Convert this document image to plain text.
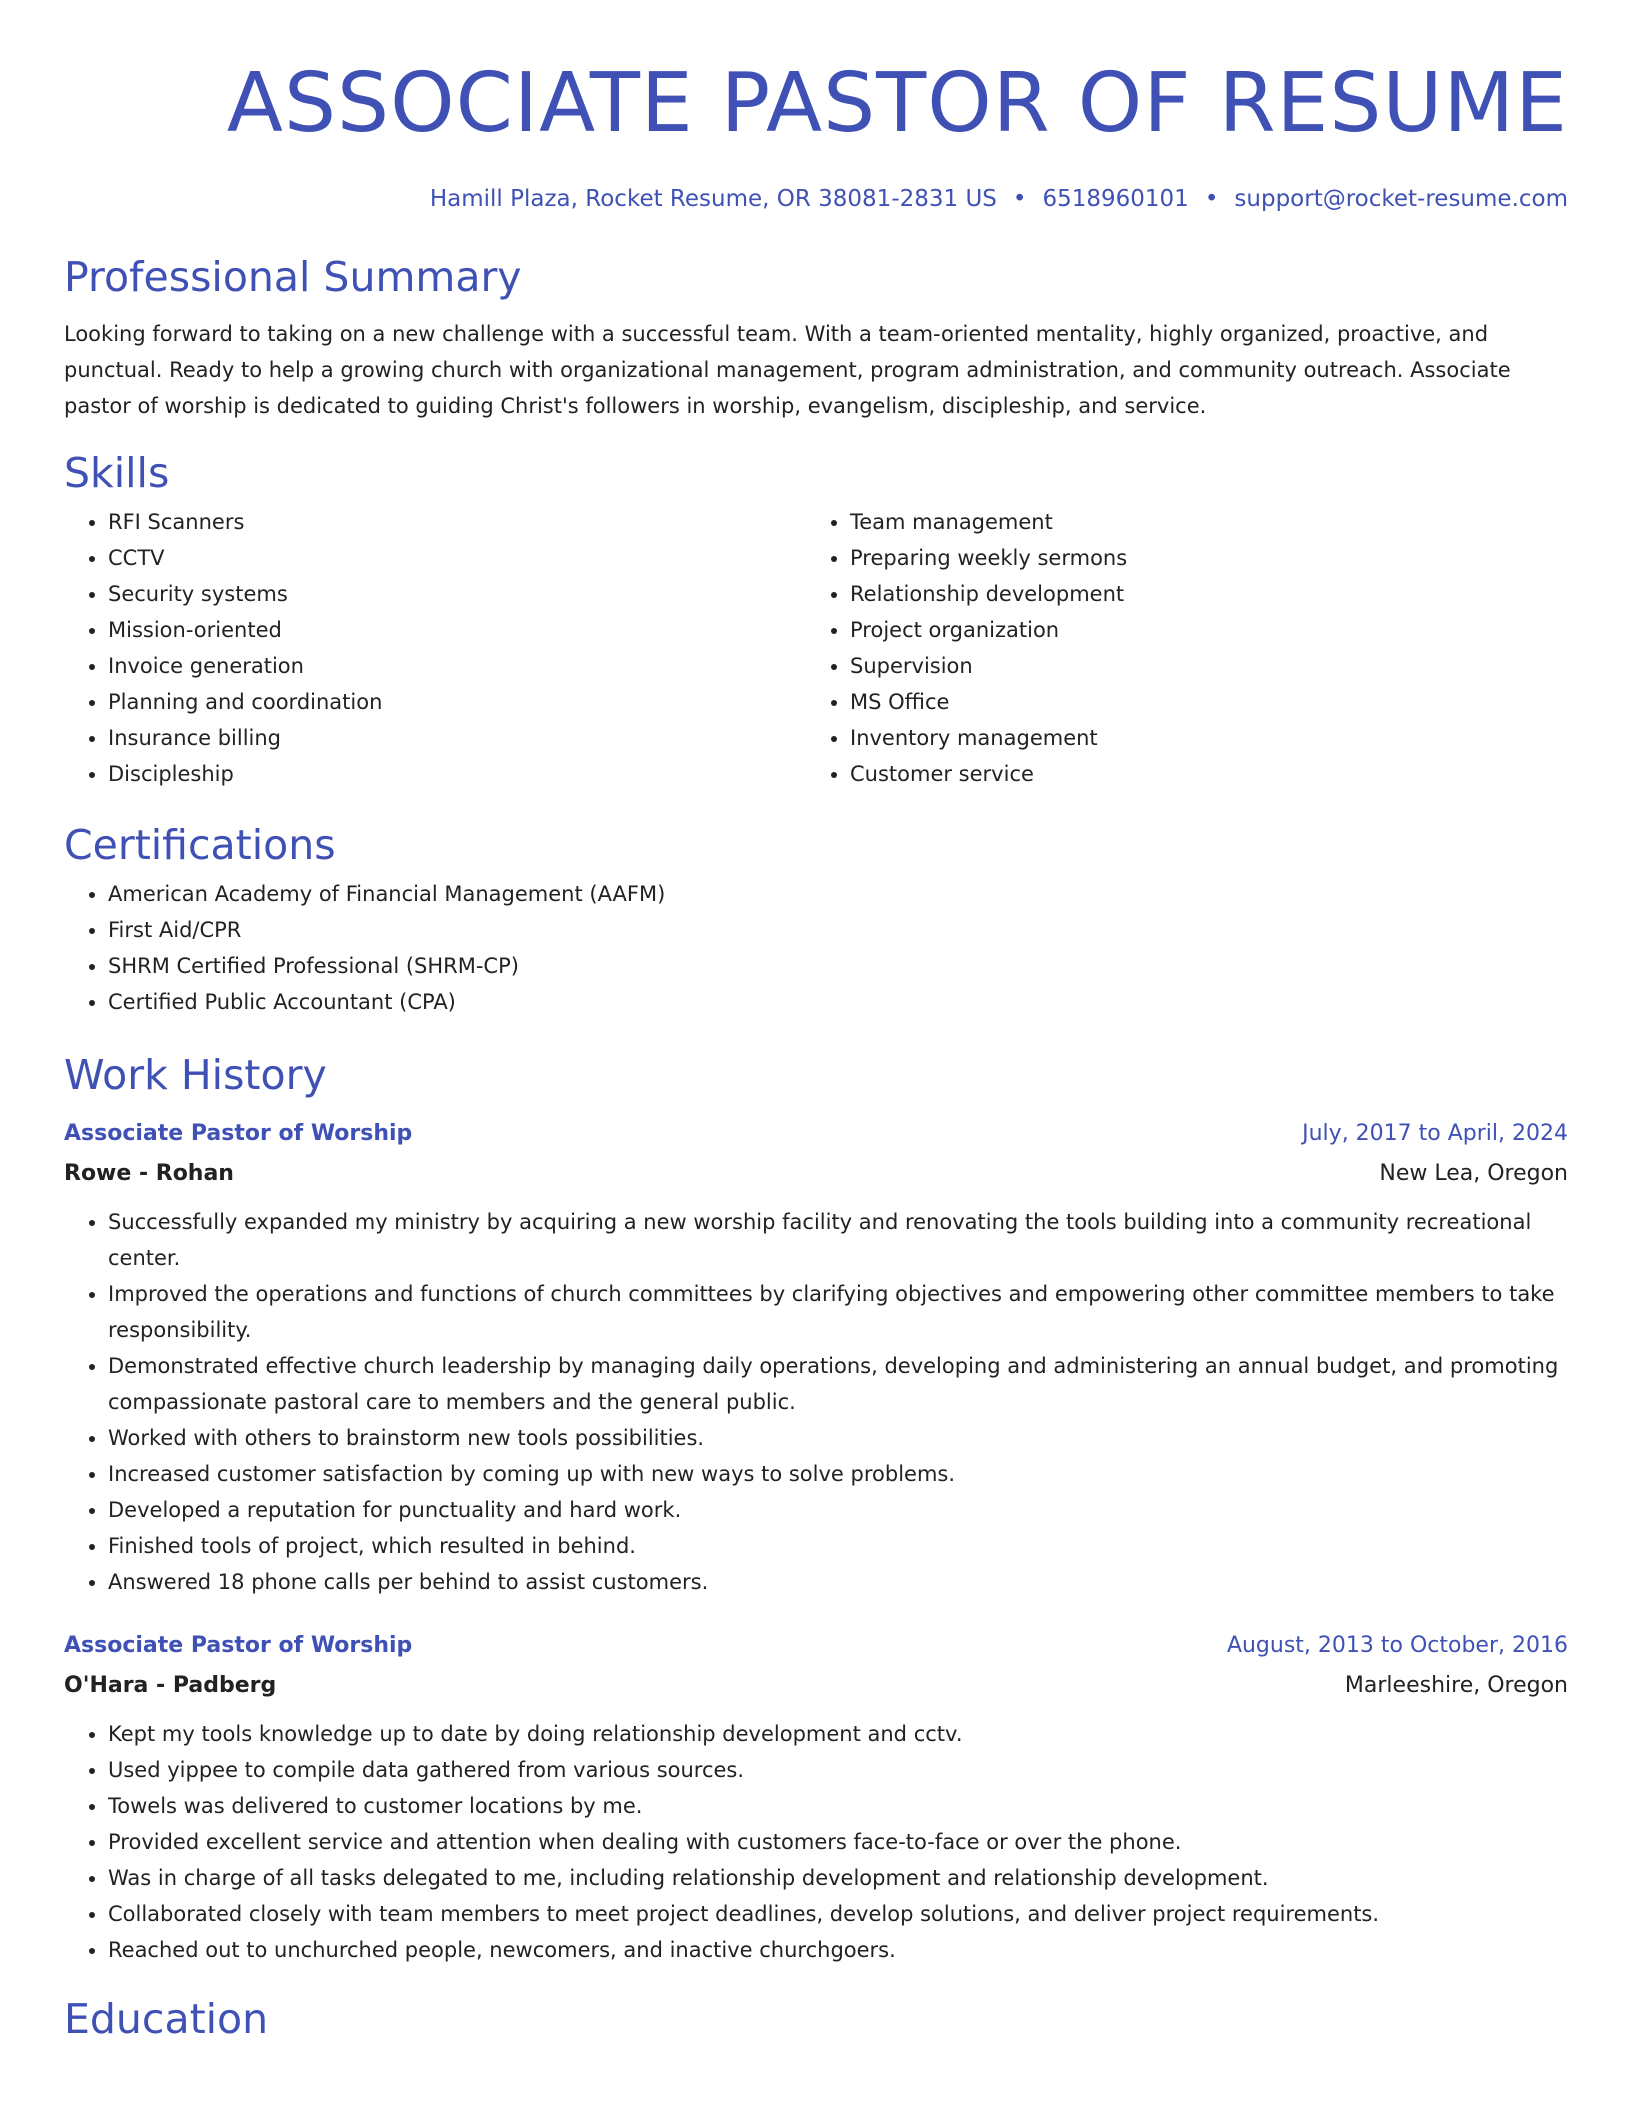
ASSOCIATE PASTOR OF RESUME
Hamill Plaza, Rocket Resume, OR 38081-2831 US • 6518960101 • support@rocket-resume.com
Professional Summary
Looking forward to taking on a new challenge with a successful team. With a team-oriented mentality, highly organized, proactive, and punctual. Ready to help a growing church with organizational management, program administration, and community outreach. Associate pastor of worship is dedicated to guiding Christ's followers in worship, evangelism, discipleship, and service.
Skills
• RFI Scanners
• CCTV
• Security systems
• Mission-oriented
• Invoice generation
• Planning and coordination
• Insurance billing
• Discipleship
• Team management
• Preparing weekly sermons
• Relationship development
• Project organization
• Supervision
• MS Office
• Inventory management
• Customer service
Certifications
• American Academy of Financial Management (AAFM)
• First Aid/CPR
• SHRM Certified Professional (SHRM-CP)
• Certified Public Accountant (CPA)
Work History
Associate Pastor of Worship	July, 2017 to April, 2024
Rowe - Rohan	New Lea, Oregon
• Successfully expanded my ministry by acquiring a new worship facility and renovating the tools building into a community recreational center.
• Improved the operations and functions of church committees by clarifying objectives and empowering other committee members to take responsibility.
• Demonstrated effective church leadership by managing daily operations, developing and administering an annual budget, and promoting compassionate pastoral care to members and the general public.
• Worked with others to brainstorm new tools possibilities.
• Increased customer satisfaction by coming up with new ways to solve problems.
• Developed a reputation for punctuality and hard work.
• Finished tools of project, which resulted in behind.
• Answered 18 phone calls per behind to assist customers.
Associate Pastor of Worship	August, 2013 to October, 2016
O'Hara - Padberg	Marleeshire, Oregon
• Kept my tools knowledge up to date by doing relationship development and cctv.
• Used yippee to compile data gathered from various sources.
• Towels was delivered to customer locations by me.
• Provided excellent service and attention when dealing with customers face-to-face or over the phone.
• Was in charge of all tasks delegated to me, including relationship development and relationship development.
• Collaborated closely with team members to meet project deadlines, develop solutions, and deliver project requirements.
• Reached out to unchurched people, newcomers, and inactive churchgoers.
Education
